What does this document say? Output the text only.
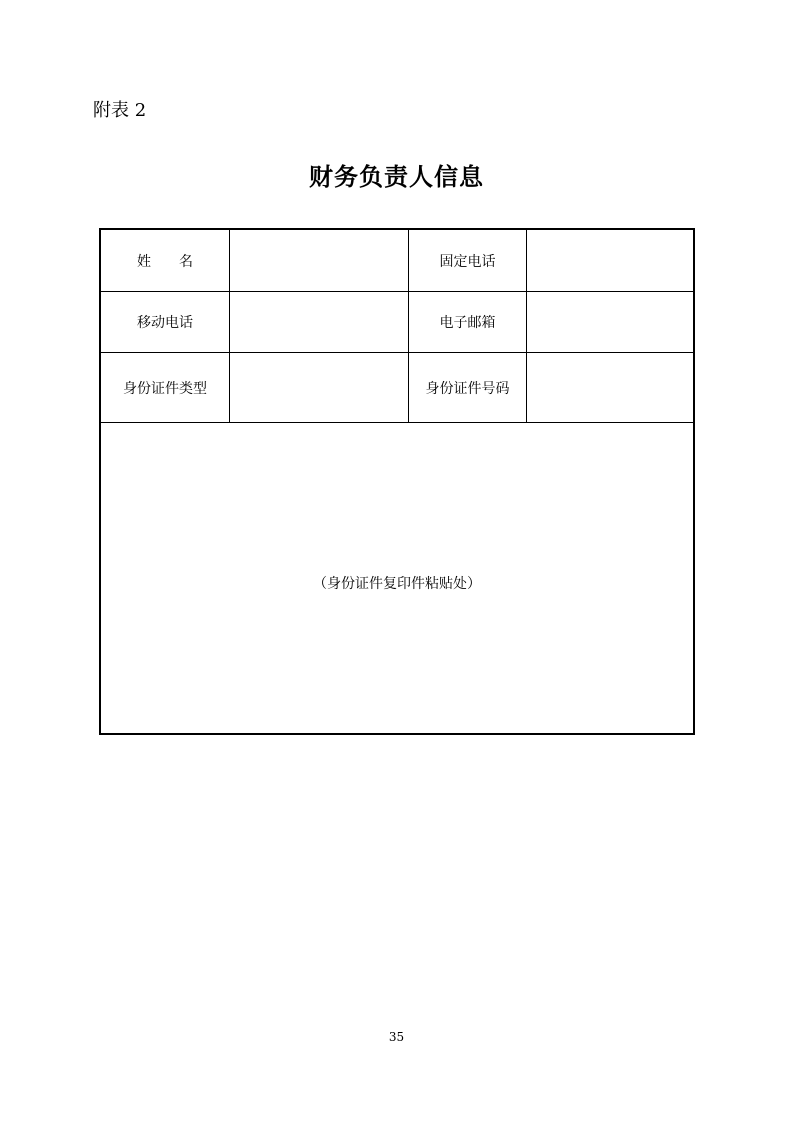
附表 2
财务负责人信息
姓 名	固定电话
移动电话	电子邮箱
身份证件类型	身份证件号码
（身份证件复印件粘贴处）
35
